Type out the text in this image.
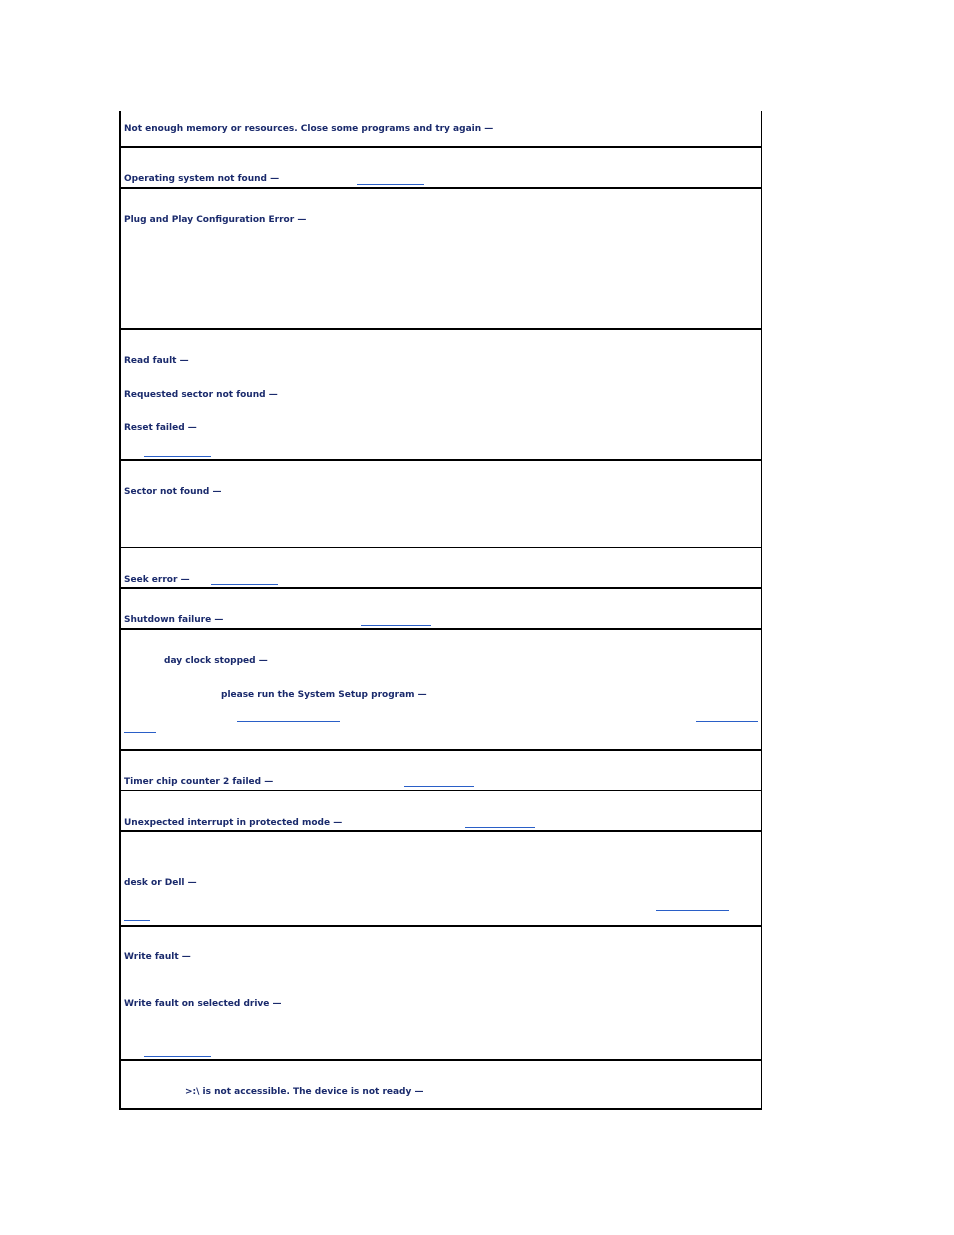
Not enough memory or resources. Close some programs and try again —
Operating system not found —
Plug and Play Configuration Error —
Read fault —
Requested sector not found —
Reset failed —
Sector not found —
Seek error —
Shutdown failure —
day clock stopped —
please run the System Setup program —
Timer chip counter 2 failed —
Unexpected interrupt in protected mode —
desk or Dell —
Write fault —
Write fault on selected drive —
>:\ is not accessible. The device is not ready —
